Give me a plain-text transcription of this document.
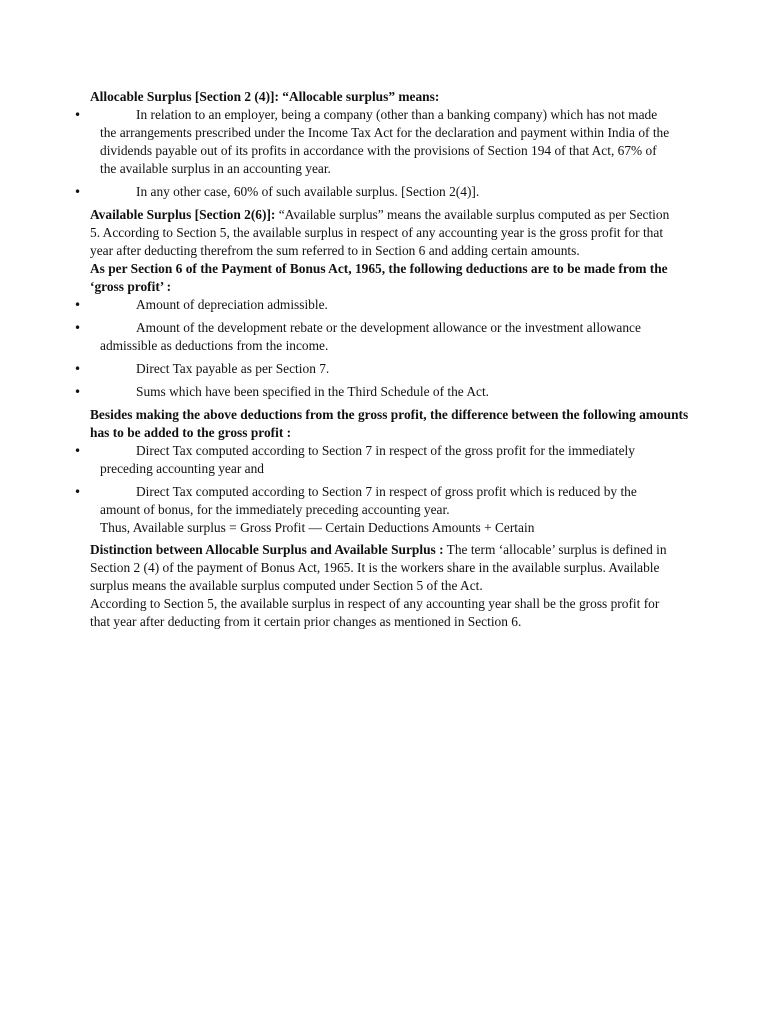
Allocable Surplus [Section 2 (4)]: “Allocable surplus” means:
•	In relation to an employer, being a company (other than a banking company) which has not made the arrangements prescribed under the Income Tax Act for the declaration and payment within India of the dividends payable out of its profits in accordance with the provisions of Section 194 of that Act, 67% of the available surplus in an accounting year.
•	In any other case, 60% of such available surplus. [Section 2(4)].
Available Surplus [Section 2(6)]: “Available surplus” means the available surplus computed as per Section 5. According to Section 5, the available surplus in respect of any accounting year is the gross profit for that year after deducting therefrom the sum referred to in Section 6 and adding certain amounts.
As per Section 6 of the Payment of Bonus Act, 1965, the following deductions are to be made from the ‘gross profit’ :
•	Amount of depreciation admissible.
•	Amount of the development rebate or the development allowance or the investment allowance admissible as deductions from the income.
•	Direct Tax payable as per Section 7.
•	Sums which have been specified in the Third Schedule of the Act.
Besides making the above deductions from the gross profit, the difference between the following amounts has to be added to the gross profit :
•	Direct Tax computed according to Section 7 in respect of the gross profit for the immediately preceding accounting year and
•	Direct Tax computed according to Section 7 in respect of gross profit which is reduced by the amount of bonus, for the immediately preceding accounting year.
Thus, Available surplus = Gross Profit — Certain Deductions Amounts + Certain
Distinction between Allocable Surplus and Available Surplus : The term ‘allocable’ surplus is defined in Section 2 (4) of the payment of Bonus Act, 1965. It is the workers share in the available surplus. Available surplus means the available surplus computed under Section 5 of the Act.
According to Section 5, the available surplus in respect of any accounting year shall be the gross profit for that year after deducting from it certain prior changes as mentioned in Section 6.
